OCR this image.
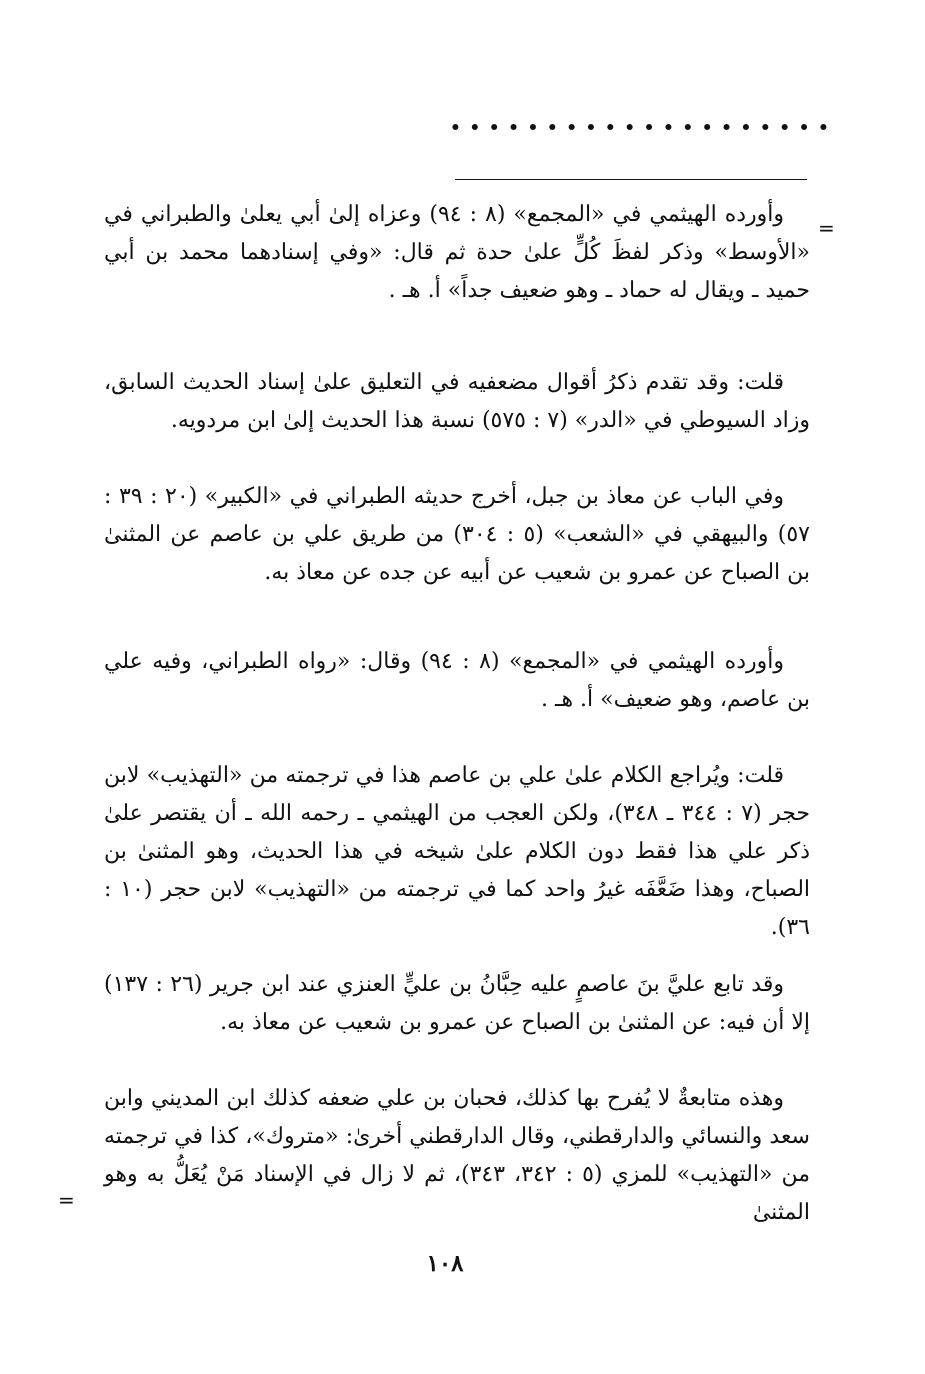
••••••••••••••••••••
=

وأورده الهيثمي في «المجمع» (٨ : ٩٤) وعزاه إلىٰ أبي يعلىٰ والطبراني في «الأوسط» وذكر لفظَ كُلٍّ علىٰ حدة ثم قال: «وفي إسنادهما محمد بن أبي حميد ـ ويقال له حماد ـ وهو ضعيف جداً» أ. هـ .

قلت: وقد تقدم ذكرُ أقوال مضعفيه في التعليق علىٰ إسناد الحديث السابق، وزاد السيوطي في «الدر» (٧ : ٥٧٥) نسبة هذا الحديث إلىٰ ابن مردويه.

وفي الباب عن معاذ بن جبل، أخرج حديثه الطبراني في «الكبير» (٢٠ : ٣٩ : ٥٧) والبيهقي في «الشعب» (٥ : ٣٠٤) من طريق علي بن عاصم عن المثنىٰ بن الصباح عن عمرو بن شعيب عن أبيه عن جده عن معاذ به.

وأورده الهيثمي في «المجمع» (٨ : ٩٤) وقال: «رواه الطبراني، وفيه علي بن عاصم، وهو ضعيف» أ. هـ .

قلت: ويُراجع الكلام علىٰ علي بن عاصم هذا في ترجمته من «التهذيب» لابن حجر (٧ : ٣٤٤ ـ ٣٤٨)، ولكن العجب من الهيثمي ـ رحمه الله ـ أن يقتصر علىٰ ذكر علي هذا فقط دون الكلام علىٰ شيخه في هذا الحديث، وهو المثنىٰ بن الصباح، وهذا ضَعَّفَه غيرُ واحد كما في ترجمته من «التهذيب» لابن حجر (١٠ : ٣٦).

وقد تابع عليَّ بنَ عاصمٍ عليه حِبَّانُ بن عليٍّ العنزي عند ابن جرير (٢٦ : ١٣٧) إلا أن فيه: عن المثنىٰ بن الصباح عن عمرو بن شعيب عن معاذ به.

وهذه متابعةٌ لا يُفرح بها كذلك، فحبان بن علي ضعفه كذلك ابن المديني وابن سعد والنسائي والدارقطني، وقال الدارقطني أخرىٰ: «متروك»، كذا في ترجمته من «التهذيب» للمزي (٥ : ٣٤٢، ٣٤٣)، ثم لا زال في الإسناد مَنْ يُعَلُّ به وهو المثنىٰ

=
١٠٨
